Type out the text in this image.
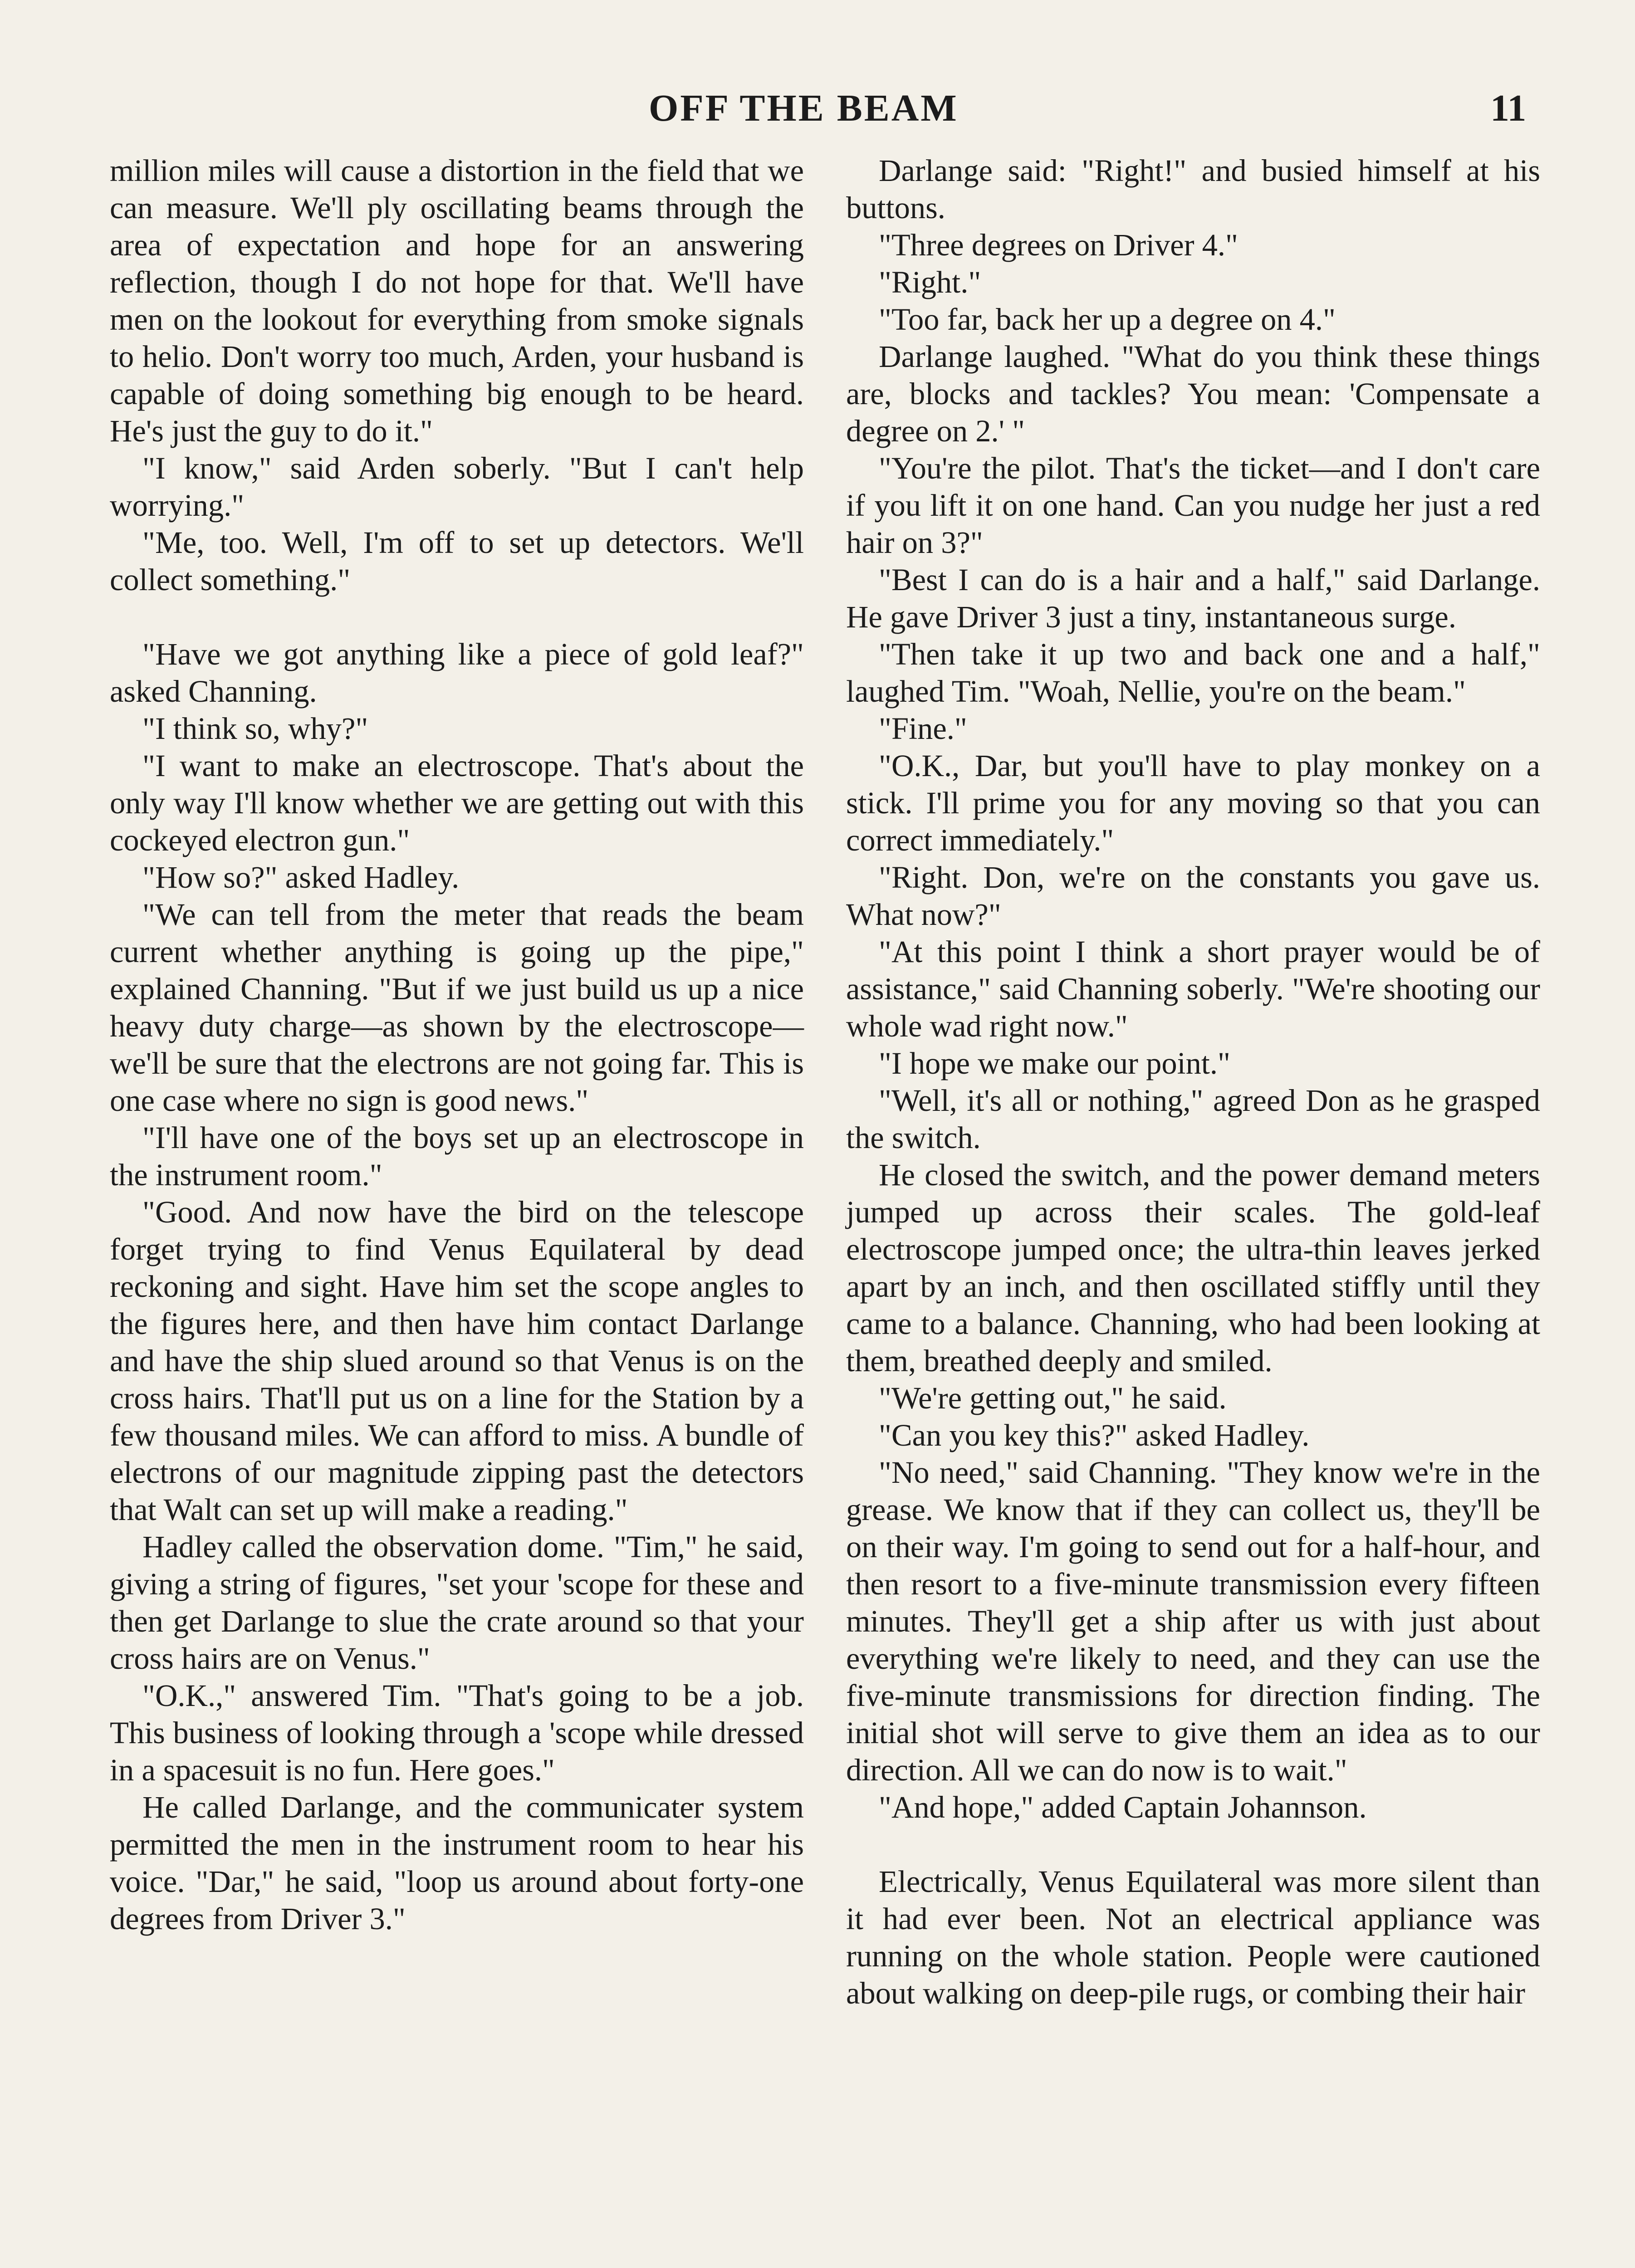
OFF THE BEAM	11

million miles will cause a distortion in the field that we can measure. We'll ply oscillating beams through the area of expectation and hope for an answering reflection, though I do not hope for that. We'll have men on the lookout for everything from smoke signals to helio. Don't worry too much, Arden, your husband is capable of doing something big enough to be heard. He's just the guy to do it."

"I know," said Arden soberly. "But I can't help worrying."

"Me, too. Well, I'm off to set up detectors. We'll collect something."

"Have we got anything like a piece of gold leaf?" asked Channing.

"I think so, why?"

"I want to make an electroscope. That's about the only way I'll know whether we are getting out with this cockeyed electron gun."

"How so?" asked Hadley.

"We can tell from the meter that reads the beam current whether anything is going up the pipe," explained Channing. "But if we just build us up a nice heavy duty charge—as shown by the electroscope—we'll be sure that the electrons are not going far. This is one case where no sign is good news."

"I'll have one of the boys set up an electroscope in the instrument room."

"Good. And now have the bird on the telescope forget trying to find Venus Equilateral by dead reckoning and sight. Have him set the scope angles to the figures here, and then have him contact Darlange and have the ship slued around so that Venus is on the cross hairs. That'll put us on a line for the Station by a few thousand miles. We can afford to miss. A bundle of electrons of our magnitude zipping past the detectors that Walt can set up will make a reading."

Hadley called the observation dome. "Tim," he said, giving a string of figures, "set your 'scope for these and then get Darlange to slue the crate around so that your cross hairs are on Venus."

"O.K.," answered Tim. "That's going to be a job. This business of looking through a 'scope while dressed in a spacesuit is no fun. Here goes."

He called Darlange, and the communicater system permitted the men in the instrument room to hear his voice. "Dar," he said, "loop us around about forty-one degrees from Driver 3."

Darlange said: "Right!" and busied himself at his buttons.

"Three degrees on Driver 4."

"Right."

"Too far, back her up a degree on 4."

Darlange laughed. "What do you think these things are, blocks and tackles? You mean: 'Compensate a degree on 2.' "

"You're the pilot. That's the ticket—and I don't care if you lift it on one hand. Can you nudge her just a red hair on 3?"

"Best I can do is a hair and a half," said Darlange. He gave Driver 3 just a tiny, instantaneous surge.

"Then take it up two and back one and a half," laughed Tim. "Woah, Nellie, you're on the beam."

"Fine."

"O.K., Dar, but you'll have to play monkey on a stick. I'll prime you for any moving so that you can correct immediately."

"Right. Don, we're on the constants you gave us. What now?"

"At this point I think a short prayer would be of assistance," said Channing soberly. "We're shooting our whole wad right now."

"I hope we make our point."

"Well, it's all or nothing," agreed Don as he grasped the switch.

He closed the switch, and the power demand meters jumped up across their scales. The gold-leaf electroscope jumped once; the ultra-thin leaves jerked apart by an inch, and then oscillated stiffly until they came to a balance. Channing, who had been looking at them, breathed deeply and smiled.

"We're getting out," he said.

"Can you key this?" asked Hadley.

"No need," said Channing. "They know we're in the grease. We know that if they can collect us, they'll be on their way. I'm going to send out for a half-hour, and then resort to a five-minute transmission every fifteen minutes. They'll get a ship after us with just about everything we're likely to need, and they can use the five-minute transmissions for direction finding. The initial shot will serve to give them an idea as to our direction. All we can do now is to wait."

"And hope," added Captain Johannson.

Electrically, Venus Equilateral was more silent than it had ever been. Not an electrical appliance was running on the whole station. People were cautioned about walking on deep-pile rugs, or combing their hair
